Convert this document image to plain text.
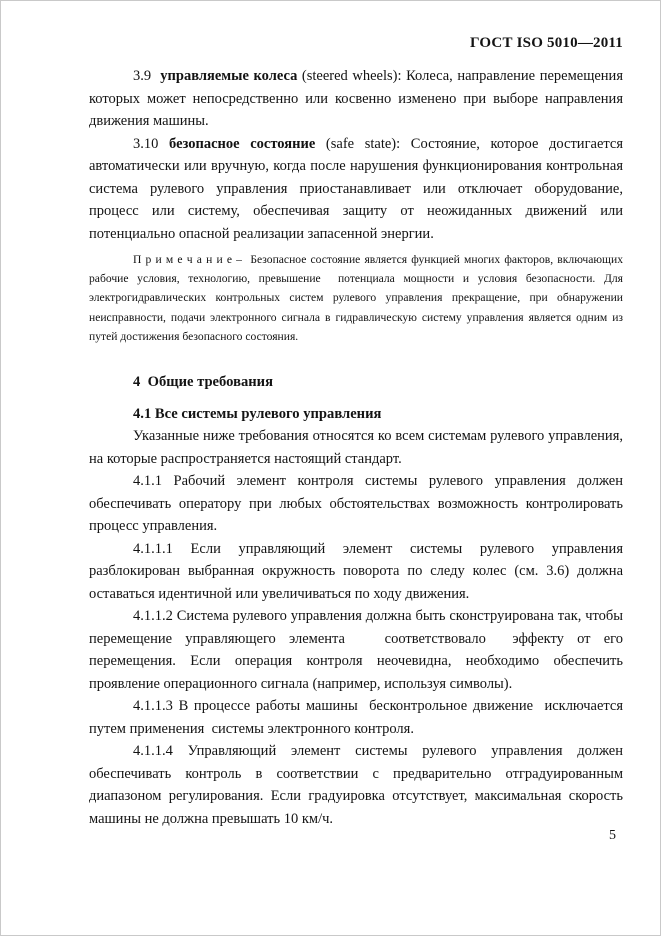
ГОСТ ISO 5010—2011

3.9  управляемые колеса (steered wheels): Колеса, направление перемещения которых может непосредственно или косвенно изменено при выборе направления движения машины.

3.10 безопасное состояние (safe state): Состояние, которое достигается автоматически или вручную, когда после нарушения функционирования контрольная система рулевого управления приостанавливает или отключает оборудование, процесс или систему, обеспечивая защиту от неожиданных движений или потенциально опасной реализации запасенной энергии.

П р и м е ч а н и е –  Безопасное состояние является функцией многих факторов, включающих рабочие условия, технологию, превышение  потенциала мощности и условия безопасности. Для электрогидравлических контрольных систем рулевого управления прекращение, при обнаружении неисправности, подачи электронного сигнала в гидравлическую систему управления является одним из путей достижения безопасного состояния.

4  Общие требования

4.1 Все системы рулевого управления

Указанные ниже требования относятся ко всем системам рулевого управления, на которые распространяется настоящий стандарт.

4.1.1 Рабочий элемент контроля системы рулевого управления должен обеспечивать оператору при любых обстоятельствах возможность контролировать процесс управления.

4.1.1.1 Если управляющий элемент системы рулевого управления разблокирован выбранная окружность поворота по следу колес (см. 3.6) должна оставаться идентичной или увеличиваться по ходу движения.

4.1.1.2 Система рулевого управления должна быть сконструирована так, чтобы перемещение управляющего элемента   соответствовало  эффекту от его перемещения. Если операция контроля неочевидна, необходимо обеспечить проявление операционного сигнала (например, используя символы).

4.1.1.3 В процессе работы машины  бесконтрольное движение  исключается путем применения  системы электронного контроля.

4.1.1.4 Управляющий элемент системы рулевого управления должен обеспечивать контроль в соответствии с предварительно отградуированным диапазоном регулирования. Если градуировка отсутствует, максимальная скорость машины не должна превышать 10 км/ч.

5
